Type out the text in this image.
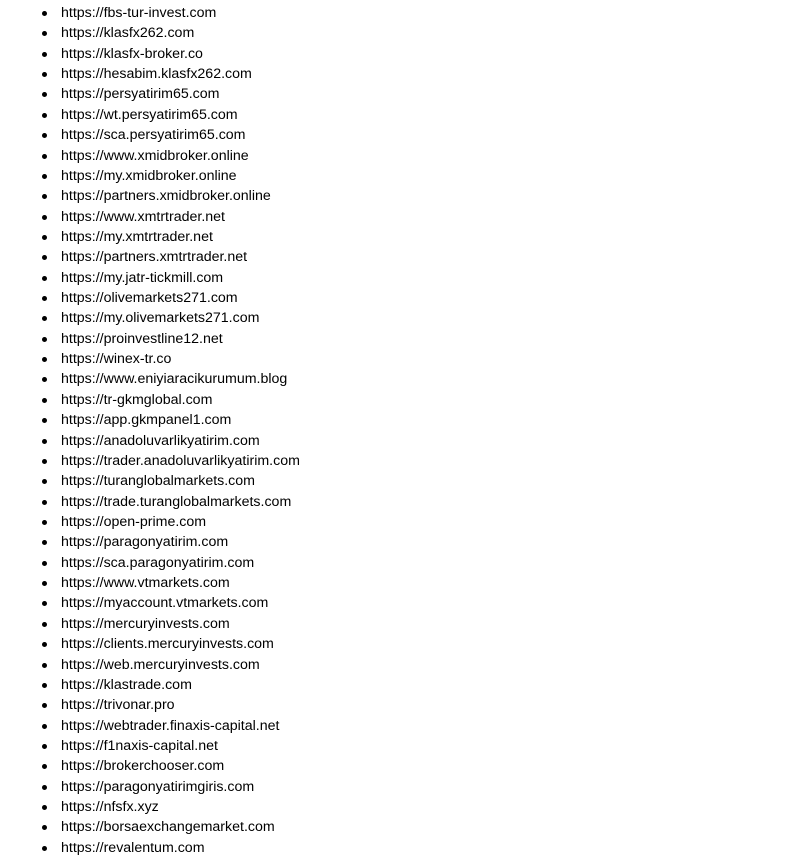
https://fbs-tur-invest.com
https://klasfx262.com
https://klasfx-broker.co
https://hesabim.klasfx262.com
https://persyatirim65.com
https://wt.persyatirim65.com
https://sca.persyatirim65.com
https://www.xmidbroker.online
https://my.xmidbroker.online
https://partners.xmidbroker.online
https://www.xmtrtrader.net
https://my.xmtrtrader.net
https://partners.xmtrtrader.net
https://my.jatr-tickmill.com
https://olivemarkets271.com
https://my.olivemarkets271.com
https://proinvestline12.net
https://winex-tr.co
https://www.eniyiaracikurumum.blog
https://tr-gkmglobal.com
https://app.gkmpanel1.com
https://anadoluvarlikyatirim.com
https://trader.anadoluvarlikyatirim.com
https://turanglobalmarkets.com
https://trade.turanglobalmarkets.com
https://open-prime.com
https://paragonyatirim.com
https://sca.paragonyatirim.com
https://www.vtmarkets.com
https://myaccount.vtmarkets.com
https://mercuryinvests.com
https://clients.mercuryinvests.com
https://web.mercuryinvests.com
https://klastrade.com
https://trivonar.pro
https://webtrader.finaxis-capital.net
https://f1naxis-capital.net
https://brokerchooser.com
https://paragonyatirimgiris.com
https://nfsfx.xyz
https://borsaexchangemarket.com
https://revalentum.com
